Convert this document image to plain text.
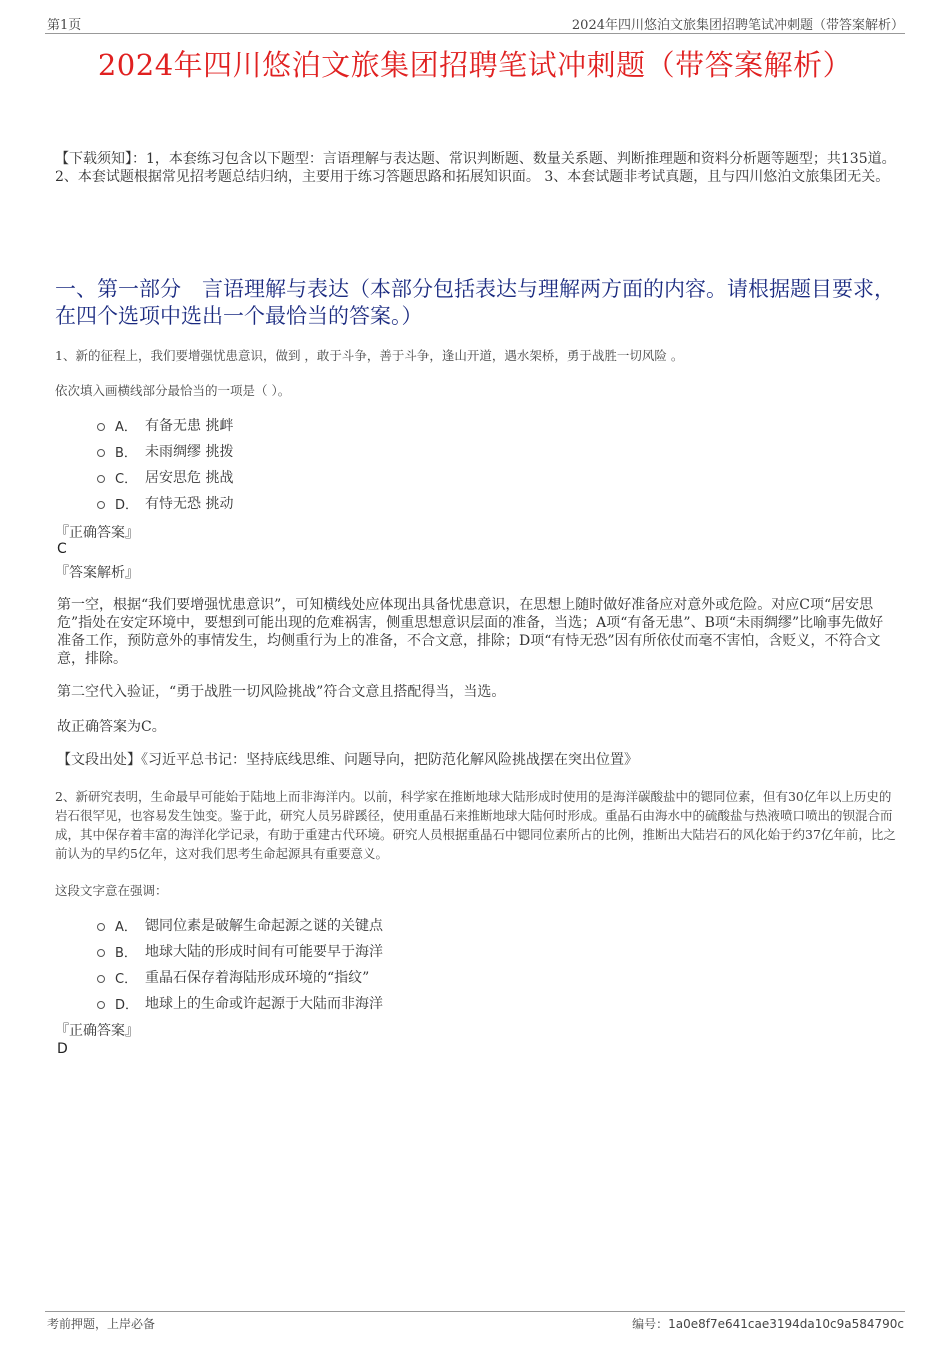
第1页	2024年四川悠泊文旅集团招聘笔试冲刺题（带答案解析）
2024年四川悠泊文旅集团招聘笔试冲刺题（带答案解析）
【下载须知】：1，本套练习包含以下题型：言语理解与表达题、常识判断题、数量关系题、判断推理题和资料分析题等题型；共135道。 2、本套试题根据常见招考题总结归纳，主要用于练习答题思路和拓展知识面。 3、本套试题非考试真题，且与四川悠泊文旅集团无关。
一、第一部分　言语理解与表达（本部分包括表达与理解两方面的内容。请根据题目要求，在四个选项中选出一个最恰当的答案。）
1、新的征程上，我们要增强忧患意识，做到 ，敢于斗争，善于斗争，逢山开道，遇水架桥，勇于战胜一切风险 。
依次填入画横线部分最恰当的一项是（ ）。
A． 有备无患 挑衅
B． 未雨绸缪 挑拨
C． 居安思危 挑战
D． 有恃无恐 挑动
『正确答案』
C
『答案解析』
第一空，根据“我们要增强忧患意识”，可知横线处应体现出具备忧患意识，在思想上随时做好准备应对意外或危险。对应C项“居安思危”指处在安定环境中，要想到可能出现的危难祸害，侧重思想意识层面的准备，当选；A项“有备无患”、B项“未雨绸缪”比喻事先做好准备工作，预防意外的事情发生，均侧重行为上的准备，不合文意，排除；D项“有恃无恐”因有所依仗而毫不害怕，含贬义，不符合文意，排除。
第二空代入验证，“勇于战胜一切风险挑战”符合文意且搭配得当，当选。
故正确答案为C。
【文段出处】《习近平总书记：坚持底线思维、问题导向，把防范化解风险挑战摆在突出位置》
2、新研究表明，生命最早可能始于陆地上而非海洋内。以前，科学家在推断地球大陆形成时使用的是海洋碳酸盐中的锶同位素，但有30亿年以上历史的岩石很罕见，也容易发生蚀变。鉴于此，研究人员另辟蹊径，使用重晶石来推断地球大陆何时形成。重晶石由海水中的硫酸盐与热液喷口喷出的钡混合而成，其中保存着丰富的海洋化学记录，有助于重建古代环境。研究人员根据重晶石中锶同位素所占的比例，推断出大陆岩石的风化始于约37亿年前，比之前认为的早约5亿年，这对我们思考生命起源具有重要意义。
这段文字意在强调：
A． 锶同位素是破解生命起源之谜的关键点
B． 地球大陆的形成时间有可能要早于海洋
C． 重晶石保存着海陆形成环境的“指纹”
D． 地球上的生命或许起源于大陆而非海洋
『正确答案』
D
考前押题，上岸必备	编号：1a0e8f7e641cae3194da10c9a584790c
